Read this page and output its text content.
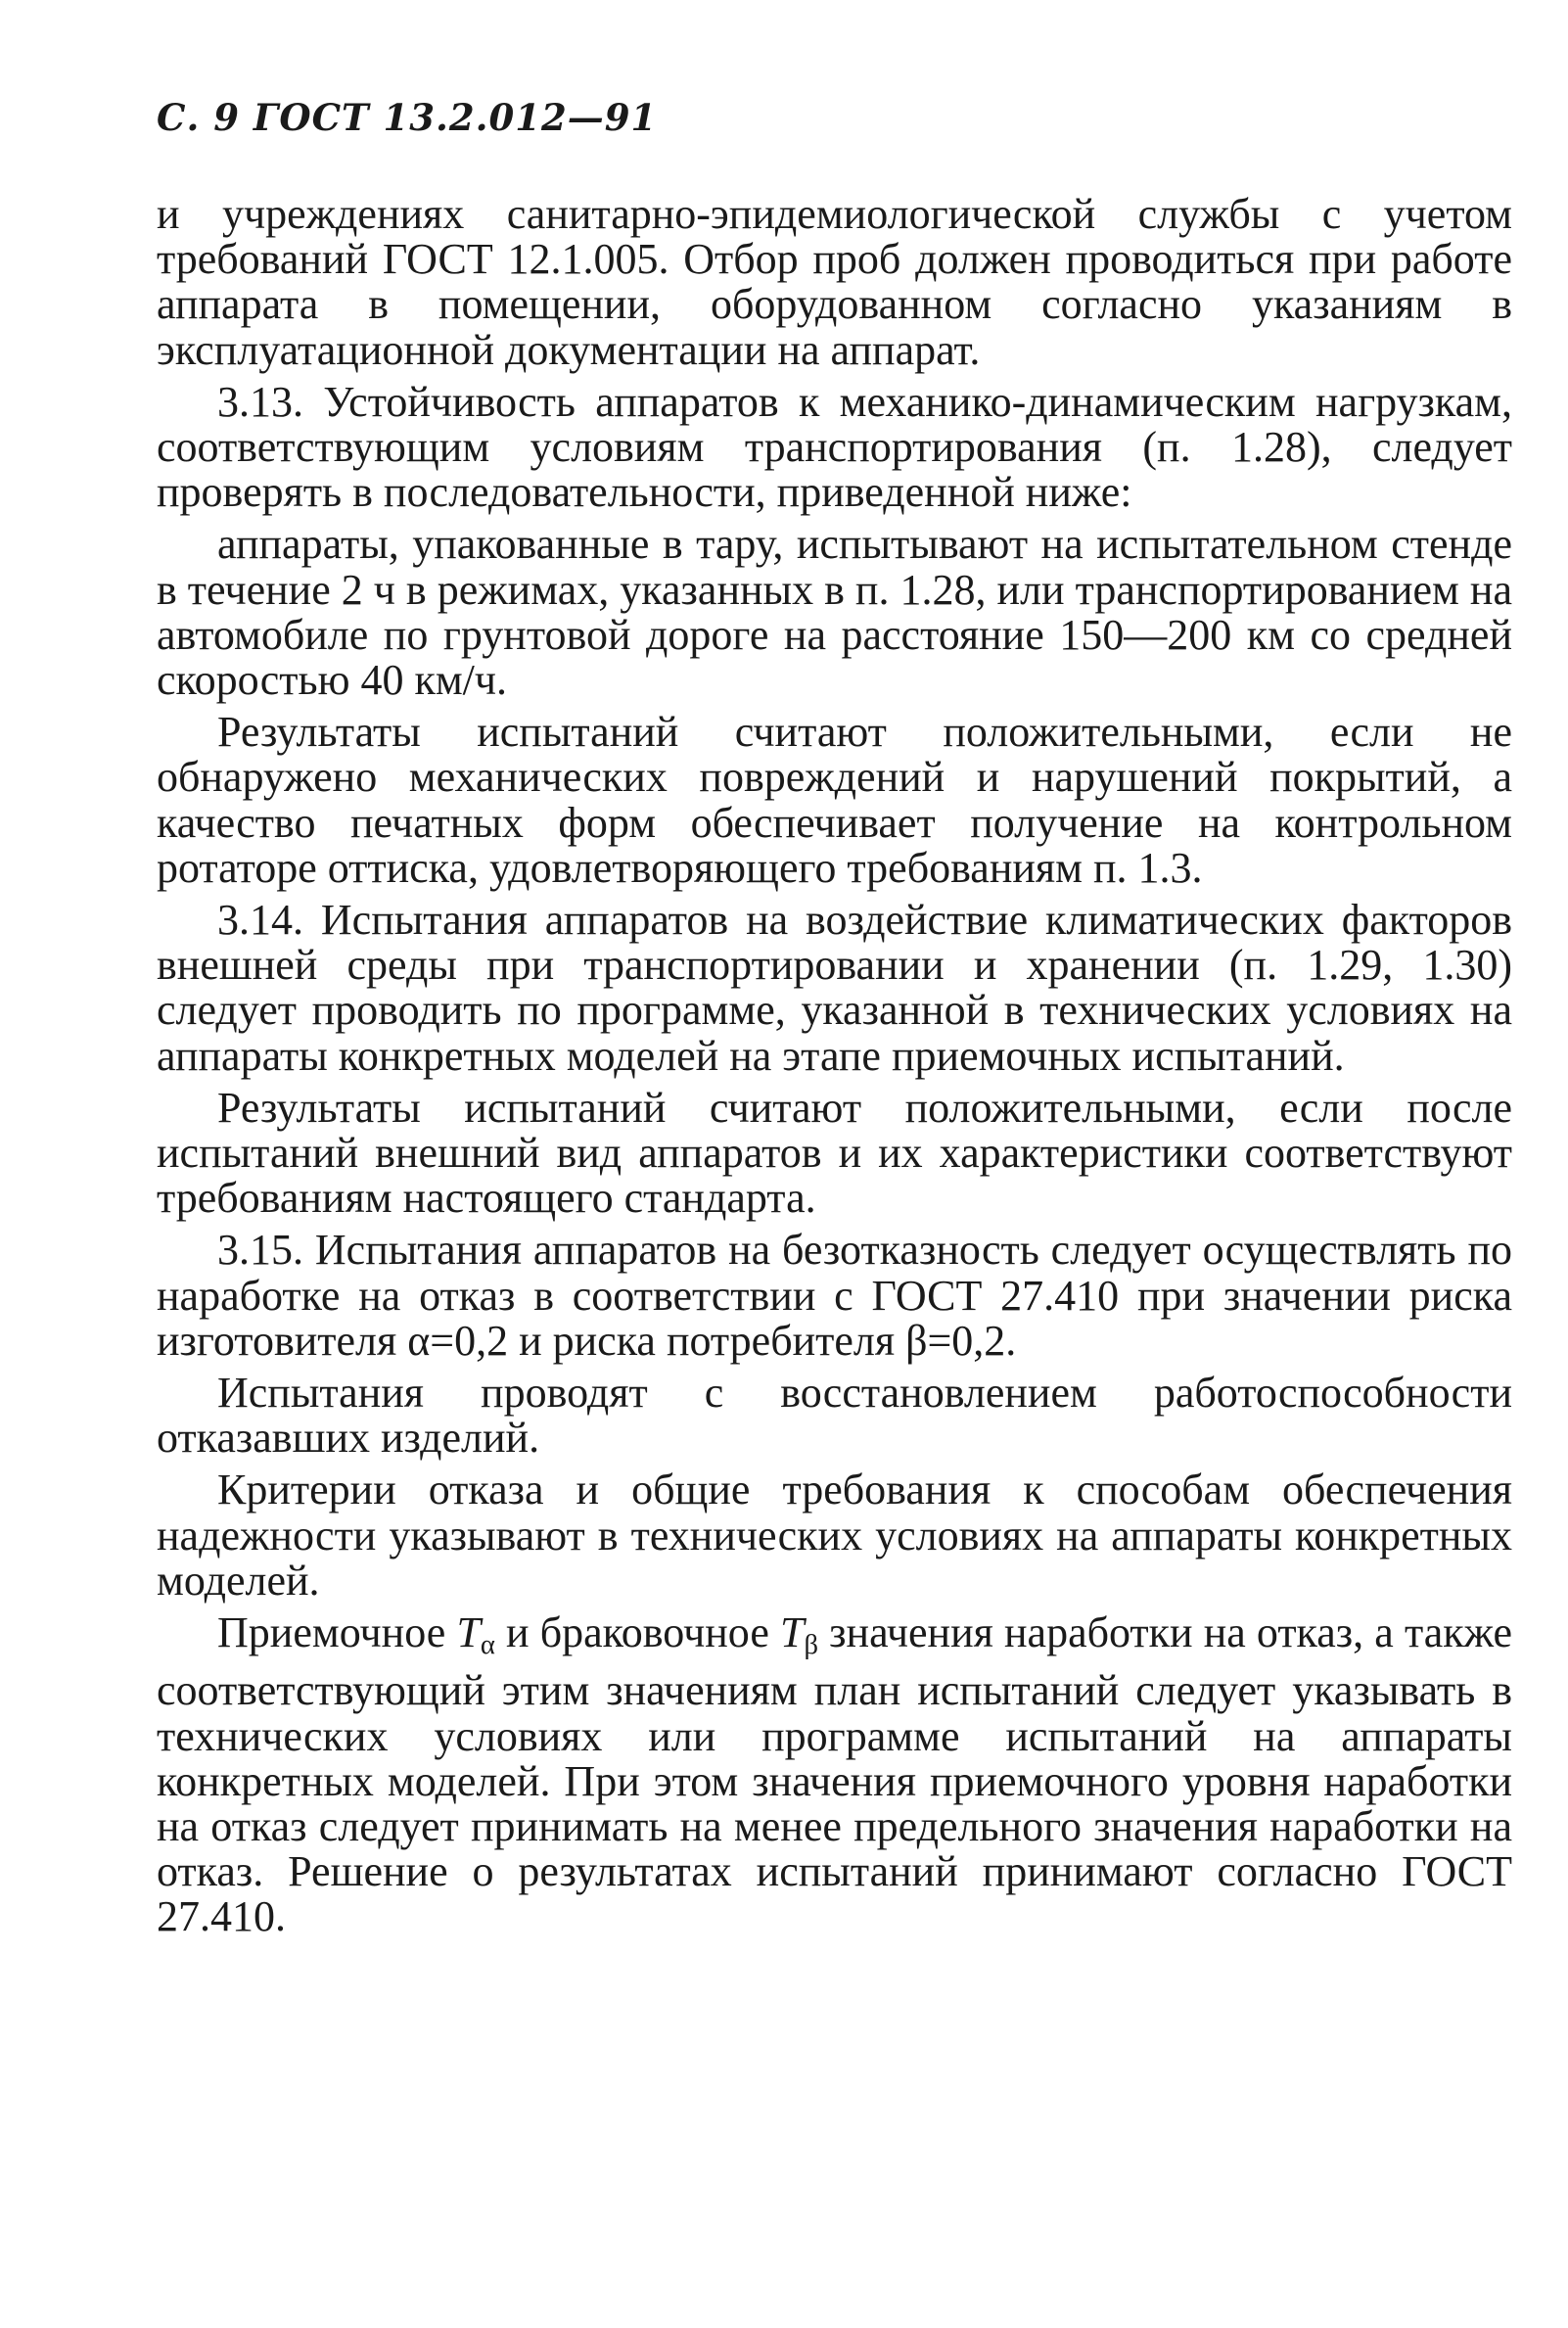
С. 9 ГОСТ 13.2.012—91

и учреждениях санитарно-эпидемиологической службы с учетом требований ГОСТ 12.1.005. Отбор проб должен проводиться при работе аппарата в помещении, оборудованном согласно указаниям в эксплуатационной документации на аппарат.

3.13. Устойчивость аппаратов к механико-динамическим нагрузкам, соответствующим условиям транспортирования (п. 1.28), следует проверять в последовательности, приведенной ниже:

аппараты, упакованные в тару, испытывают на испытательном стенде в течение 2 ч в режимах, указанных в п. 1.28, или транспортированием на автомобиле по грунтовой дороге на расстояние 150—200 км со средней скоростью 40 км/ч.

Результаты испытаний считают положительными, если не обнаружено механических повреждений и нарушений покрытий, а качество печатных форм обеспечивает получение на контрольном ротаторе оттиска, удовлетворяющего требованиям п. 1.3.

3.14. Испытания аппаратов на воздействие климатических факторов внешней среды при транспортировании и хранении (п. 1.29, 1.30) следует проводить по программе, указанной в технических условиях на аппараты конкретных моделей на этапе приемочных испытаний.

Результаты испытаний считают положительными, если после испытаний внешний вид аппаратов и их характеристики соответствуют требованиям настоящего стандарта.

3.15. Испытания аппаратов на безотказность следует осуществлять по наработке на отказ в соответствии с ГОСТ 27.410 при значении риска изготовителя α=0,2 и риска потребителя β=0,2.

Испытания проводят с восстановлением работоспособности отказавших изделий.

Критерии отказа и общие требования к способам обеспечения надежности указывают в технических условиях на аппараты конкретных моделей.

Приемочное $T_\alpha$ и браковочное $T_\beta$ значения наработки на отказ, а также соответствующий этим значениям план испытаний следует указывать в технических условиях или программе испытаний на аппараты конкретных моделей. При этом значения приемочного уровня наработки на отказ следует принимать на менее предельного значения наработки на отказ. Решение о результатах испытаний принимают согласно ГОСТ 27.410.
